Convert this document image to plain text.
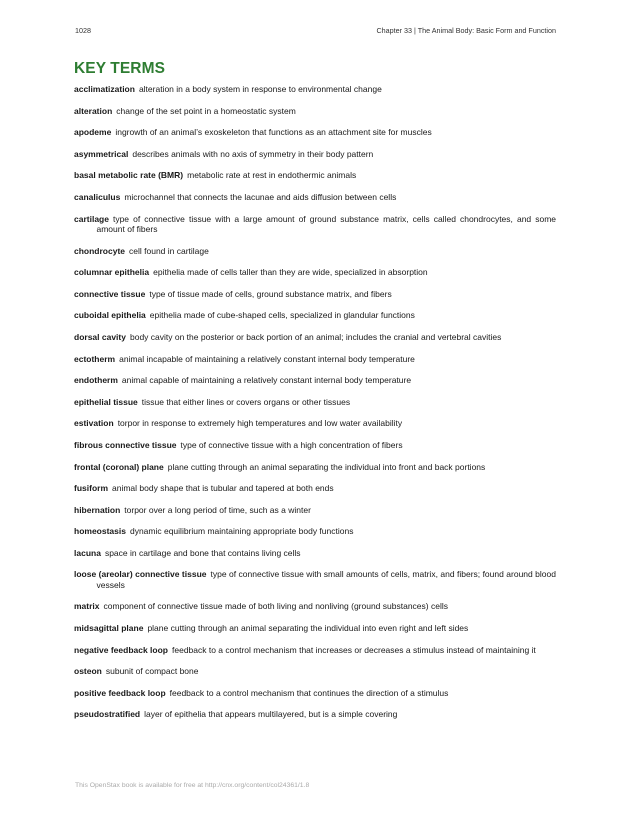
1028	Chapter 33 | The Animal Body: Basic Form and Function
KEY TERMS

acclimatization alteration in a body system in response to environmental change

alteration change of the set point in a homeostatic system

apodeme ingrowth of an animal’s exoskeleton that functions as an attachment site for muscles

asymmetrical describes animals with no axis of symmetry in their body pattern

basal metabolic rate (BMR) metabolic rate at rest in endothermic animals

canaliculus microchannel that connects the lacunae and aids diffusion between cells

cartilage type of connective tissue with a large amount of ground substance matrix, cells called chondrocytes, and some amount of fibers

chondrocyte cell found in cartilage

columnar epithelia epithelia made of cells taller than they are wide, specialized in absorption

connective tissue type of tissue made of cells, ground substance matrix, and fibers

cuboidal epithelia epithelia made of cube-shaped cells, specialized in glandular functions

dorsal cavity body cavity on the posterior or back portion of an animal; includes the cranial and vertebral cavities

ectotherm animal incapable of maintaining a relatively constant internal body temperature

endotherm animal capable of maintaining a relatively constant internal body temperature

epithelial tissue tissue that either lines or covers organs or other tissues

estivation torpor in response to extremely high temperatures and low water availability

fibrous connective tissue type of connective tissue with a high concentration of fibers

frontal (coronal) plane plane cutting through an animal separating the individual into front and back portions

fusiform animal body shape that is tubular and tapered at both ends

hibernation torpor over a long period of time, such as a winter

homeostasis dynamic equilibrium maintaining appropriate body functions

lacuna space in cartilage and bone that contains living cells

loose (areolar) connective tissue type of connective tissue with small amounts of cells, matrix, and fibers; found around blood vessels

matrix component of connective tissue made of both living and nonliving (ground substances) cells

midsagittal plane plane cutting through an animal separating the individual into even right and left sides

negative feedback loop feedback to a control mechanism that increases or decreases a stimulus instead of maintaining it

osteon subunit of compact bone

positive feedback loop feedback to a control mechanism that continues the direction of a stimulus

pseudostratified layer of epithelia that appears multilayered, but is a simple covering

This OpenStax book is available for free at http://cnx.org/content/col24361/1.8
